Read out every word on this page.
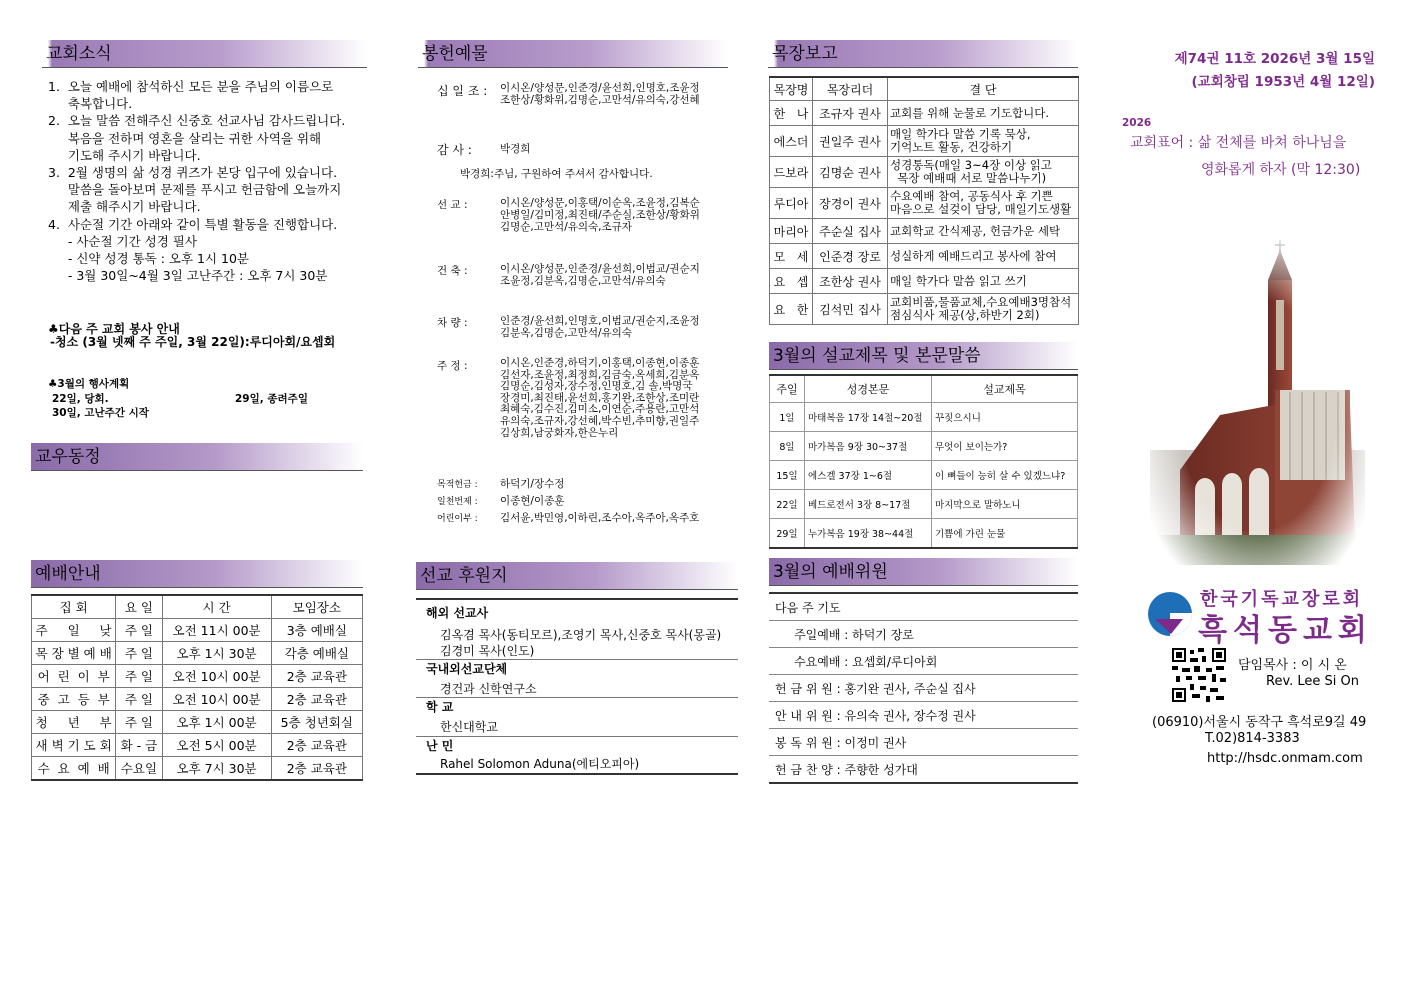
교회소식
1.  오늘 예배에 참석하신 모든 분을 주님의 이름으로
축복합니다.
2.  오늘 말씀 전해주신 신중호 선교사님 감사드립니다.
복음을 전하며 영혼을 살리는 귀한 사역을 위해
기도해 주시기 바랍니다.
3.  2월 생명의 삶 성경 퀴즈가 본당 입구에 있습니다.
말씀을 돌아보며 문제를 푸시고 헌금함에 오늘까지
제출 해주시기 바랍니다.
4.  사순절 기간 아래와 같이 특별 활동을 진행합니다.
- 사순절 기간 성경 필사
- 신약 성경 통독 : 오후 1시 10분
- 3월 30일~4월 3일 고난주간 : 오후 7시 30분
♣다음 주 교회 봉사 안내
-청소 (3월 넷째 주 주일, 3월 22일):루디아회/요셉회
♣3월의 행사계획
22일, 당회.	29일, 종려주일
30일, 고난주간 시작
교우동정
예배안내
집 회	요 일	시 간	모임장소
주     일     낮	주 일	오전 11시 00분	3층 예배실
목 장 별 예 배	주 일	오후 1시 30분	각층 예배실
어  린  이  부	주 일	오전 10시 00분	2층 교육관
중  고  등  부	주 일	오전 10시 00분	2층 교육관
청     년     부	주 일	오후 1시 00분	5층 청년회실
새 벽 기 도 회	화 - 금	오전 5시 00분	2층 교육관
수  요  예  배	수요일	오후 7시 30분	2층 교육관
봉헌예물
십 일 조 : 이시온/양성문,인준경/윤선희,인명호,조윤정
조한상/황화위,김명순,고만석/유의숙,강선혜
감 사 :	박경희
박경희:주님, 구원하여 주셔서 감사합니다.
선 교 :	이시온/양성문,이홍택/이순옥,조윤정,김복순
안병일/김미정,최진태/주순실,조한상/황화위
김명순,고만석/유의숙,조규자
건 축 :	이시온/양성문,인준경/윤선희,이범교/권순지
조윤정,김분옥,김명순,고만석/유의숙
차 량 :	인준경/윤선희,인명호,이범교/권순지,조윤정
김분옥,김명순,고만석/유의숙
주 정 :	이시온,인준경,하덕기,이홍택,이종현,이종훈
김선자,조윤정,최정희,김금숙,옥세희,김분옥
김명순,김성자,장수정,인명호,김 솔,박명국
장경미,최진태,윤선희,홍기완,조한상,조미란
최혜숙,김수진,김미소,이연순,주용란,고만석
유의숙,조규자,강선혜,박수빈,추미향,권일주
김상희,남궁화자,한은누리
목적헌금 : 하덕기/장수정
일천번제 : 이종현/이종훈
어린이부 : 김서윤,박민영,이하린,조수아,옥주아,옥주호
선교 후원지
해외 선교사
김옥겸 목사(동티모르),조영기 목사,신중호 목사(몽골)
김경미 목사(인도)
국내외선교단체
경건과 신학연구소
학 교
한신대학교
난 민
Rahel Solomon Aduna(에티오피아)
목장보고
목장명	목장리더	결 단
한   나	조규자 권사	교회를 위해 눈물로 기도합니다.

에스더	권일주 권사	매일 학가다 말씀 기록 묵상,
기억노트 활동, 건강하기

드보라	김명순 권사	성경통독(매일 3~4장 이상 읽고
목장 예배때 서로 말씀나누기)

루디아	장경이 권사	수요예배 참여, 공동식사 후 기쁜
마음으로 설겆이 담당, 매일기도생활

마리아	주순실 집사	교회학교 간식제공, 헌금가운 세탁

모   세	인준경 장로	성실하게 예배드리고 봉사에 참여

요   셉	조한상 권사	매일 학가다 말씀 읽고 쓰기

요   한	김석민 집사	교회비품,물품교체,수요예배3명참석
점심식사 제공(상,하반기 2회)
3월의 설교제목 및 본문말씀
주일	성경본문	설교제목
1일	마태복음 17장 14절~20절	꾸짖으시니
8일	마가복음 9장 30~37절	무엇이 보이는가?
15일	에스겔 37장 1~6절	이 뼈들이 능히 살 수 있겠느냐?
22일	베드로전서 3장 8~17절	마지막으로 말하노니
29일	누가복음 19장 38~44절	기쁨에 가린 눈물
3월의 예배위원
다음 주 기도
주일예배 : 하덕기 장로
수요예배 : 요셉회/루디아회
헌 금 위 원 : 홍기완 권사, 주순실 집사
안 내 위 원 : 유의숙 권사, 장수정 권사
봉 독 위 원 : 이정미 권사
헌 금 찬 양 : 주향한 성가대
제74권 11호 2026년 3월 15일
(교회창립 1953년 4월 12일)
2026
교회표어 : 삶 전체를 바쳐 하나님을
영화롭게 하자 (막 12:30)
한국기독교장로회
흑석동교회
담임목사 : 이 시 온
Rev. Lee Si On
(06910)서울시 동작구 흑석로9길 49
T.02)814-3383
http://hsdc.onmam.com
